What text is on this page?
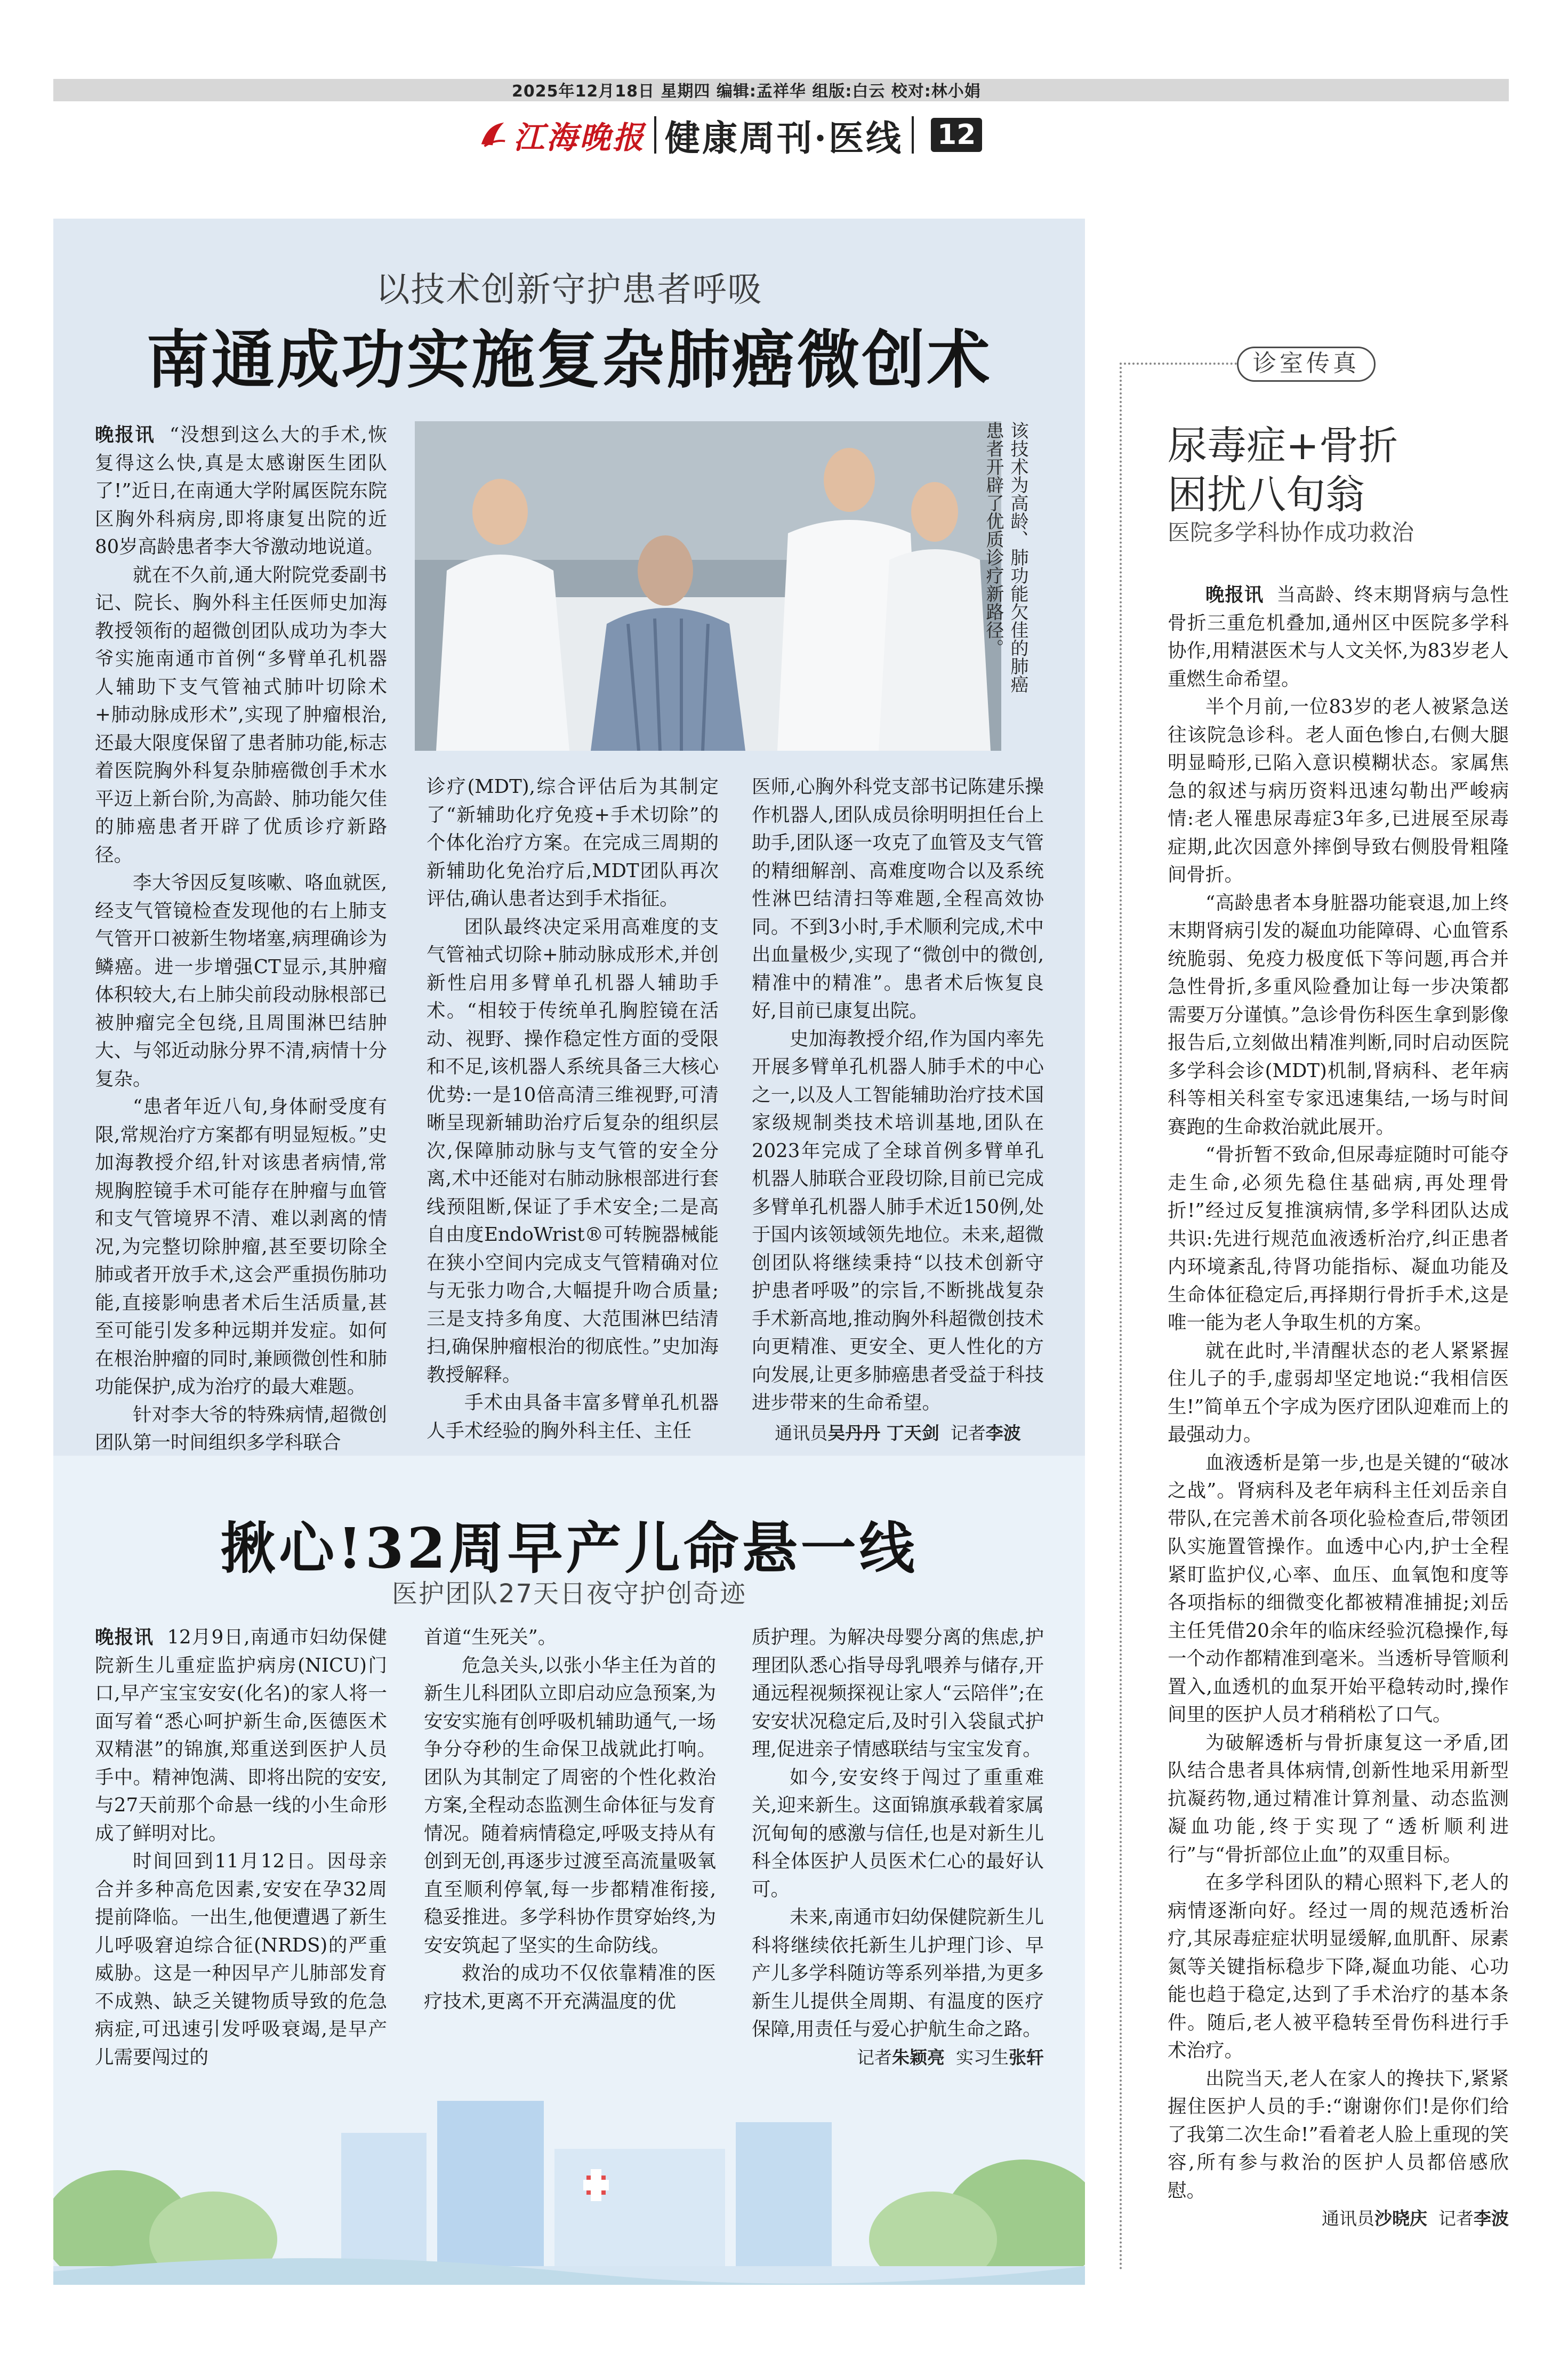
2025年12月18日 星期四 编辑:孟祥华 组版:白云 校对:林小娟
江海晚报 健康周刊·医线 12
以技术创新守护患者呼吸
南通成功实施复杂肺癌微创术
该技术为高龄、肺功能欠佳的肺癌患者开辟了优质诊疗新路径。

晚报讯 “没想到这么大的手术,恢复得这么快,真是太感谢医生团队了!”近日,在南通大学附属医院东院区胸外科病房,即将康复出院的近80岁高龄患者李大爷激动地说道。

就在不久前,通大附院党委副书记、院长、胸外科主任医师史加海教授领衔的超微创团队成功为李大爷实施南通市首例“多臂单孔机器人辅助下支气管袖式肺叶切除术+肺动脉成形术”,实现了肿瘤根治,还最大限度保留了患者肺功能,标志着医院胸外科复杂肺癌微创手术水平迈上新台阶,为高龄、肺功能欠佳的肺癌患者开辟了优质诊疗新路径。

李大爷因反复咳嗽、咯血就医,经支气管镜检查发现他的右上肺支气管开口被新生物堵塞,病理确诊为鳞癌。进一步增强CT显示,其肿瘤体积较大,右上肺尖前段动脉根部已被肿瘤完全包绕,且周围淋巴结肿大、与邻近动脉分界不清,病情十分复杂。

“患者年近八旬,身体耐受度有限,常规治疗方案都有明显短板。”史加海教授介绍,针对该患者病情,常规胸腔镜手术可能存在肿瘤与血管和支气管境界不清、难以剥离的情况,为完整切除肿瘤,甚至要切除全肺或者开放手术,这会严重损伤肺功能,直接影响患者术后生活质量,甚至可能引发多种远期并发症。如何在根治肿瘤的同时,兼顾微创性和肺功能保护,成为治疗的最大难题。

针对李大爷的特殊病情,超微创团队第一时间组织多学科联合

诊疗(MDT),综合评估后为其制定了“新辅助化疗免疫+手术切除”的个体化治疗方案。在完成三周期的新辅助化免治疗后,MDT团队再次评估,确认患者达到手术指征。

团队最终决定采用高难度的支气管袖式切除+肺动脉成形术,并创新性启用多臂单孔机器人辅助手术。“相较于传统单孔胸腔镜在活动、视野、操作稳定性方面的受限和不足,该机器人系统具备三大核心优势:一是10倍高清三维视野,可清晰呈现新辅助治疗后复杂的组织层次,保障肺动脉与支气管的安全分离,术中还能对右肺动脉根部进行套线预阻断,保证了手术安全;二是高自由度EndoWrist®可转腕器械能在狭小空间内完成支气管精确对位与无张力吻合,大幅提升吻合质量;三是支持多角度、大范围淋巴结清扫,确保肿瘤根治的彻底性。”史加海教授解释。

手术由具备丰富多臂单孔机器人手术经验的胸外科主任、主任

医师,心胸外科党支部书记陈建乐操作机器人,团队成员徐明明担任台上助手,团队逐一攻克了血管及支气管的精细解剖、高难度吻合以及系统性淋巴结清扫等难题,全程高效协同。不到3小时,手术顺利完成,术中出血量极少,实现了“微创中的微创,精准中的精准”。患者术后恢复良好,目前已康复出院。

史加海教授介绍,作为国内率先开展多臂单孔机器人肺手术的中心之一,以及人工智能辅助治疗技术国家级规制类技术培训基地,团队在2023年完成了全球首例多臂单孔机器人肺联合亚段切除,目前已完成多臂单孔机器人肺手术近150例,处于国内该领域领先地位。未来,超微创团队将继续秉持“以技术创新守护患者呼吸”的宗旨,不断挑战复杂手术新高地,推动胸外科超微创技术向更精准、更安全、更人性化的方向发展,让更多肺癌患者受益于科技进步带来的生命希望。

通讯员吴丹丹 丁天剑 记者李波
揪心!32周早产儿命悬一线
医护团队27天日夜守护创奇迹

晚报讯 12月9日,南通市妇幼保健院新生儿重症监护病房(NICU)门口,早产宝宝安安(化名)的家人将一面写着“悉心呵护新生命,医德医术双精湛”的锦旗,郑重送到医护人员手中。精神饱满、即将出院的安安,与27天前那个命悬一线的小生命形成了鲜明对比。

时间回到11月12日。因母亲合并多种高危因素,安安在孕32周提前降临。一出生,他便遭遇了新生儿呼吸窘迫综合征(NRDS)的严重威胁。这是一种因早产儿肺部发育不成熟、缺乏关键物质导致的危急病症,可迅速引发呼吸衰竭,是早产儿需要闯过的

首道“生死关”。

危急关头,以张小华主任为首的新生儿科团队立即启动应急预案,为安安实施有创呼吸机辅助通气,一场争分夺秒的生命保卫战就此打响。团队为其制定了周密的个性化救治方案,全程动态监测生命体征与发育情况。随着病情稳定,呼吸支持从有创到无创,再逐步过渡至高流量吸氧直至顺利停氧,每一步都精准衔接,稳妥推进。多学科协作贯穿始终,为安安筑起了坚实的生命防线。

救治的成功不仅依靠精准的医疗技术,更离不开充满温度的优

质护理。为解决母婴分离的焦虑,护理团队悉心指导母乳喂养与储存,开通远程视频探视让家人“云陪伴”;在安安状况稳定后,及时引入袋鼠式护理,促进亲子情感联结与宝宝发育。

如今,安安终于闯过了重重难关,迎来新生。这面锦旗承载着家属沉甸甸的感激与信任,也是对新生儿科全体医护人员医术仁心的最好认可。

未来,南通市妇幼保健院新生儿科将继续依托新生儿护理门诊、早产儿多学科随访等系列举措,为更多新生儿提供全周期、有温度的医疗保障,用责任与爱心护航生命之路。

记者朱颖亮 实习生张轩
诊室传真
尿毒症+骨折
困扰八旬翁
医院多学科协作成功救治

晚报讯 当高龄、终末期肾病与急性骨折三重危机叠加,通州区中医院多学科协作,用精湛医术与人文关怀,为83岁老人重燃生命希望。

半个月前,一位83岁的老人被紧急送往该院急诊科。老人面色惨白,右侧大腿明显畸形,已陷入意识模糊状态。家属焦急的叙述与病历资料迅速勾勒出严峻病情:老人罹患尿毒症3年多,已进展至尿毒症期,此次因意外摔倒导致右侧股骨粗隆间骨折。

“高龄患者本身脏器功能衰退,加上终末期肾病引发的凝血功能障碍、心血管系统脆弱、免疫力极度低下等问题,再合并急性骨折,多重风险叠加让每一步决策都需要万分谨慎。”急诊骨伤科医生拿到影像报告后,立刻做出精准判断,同时启动医院多学科会诊(MDT)机制,肾病科、老年病科等相关科室专家迅速集结,一场与时间赛跑的生命救治就此展开。

“骨折暂不致命,但尿毒症随时可能夺走生命,必须先稳住基础病,再处理骨折!”经过反复推演病情,多学科团队达成共识:先进行规范血液透析治疗,纠正患者内环境紊乱,待肾功能指标、凝血功能及生命体征稳定后,再择期行骨折手术,这是唯一能为老人争取生机的方案。

就在此时,半清醒状态的老人紧紧握住儿子的手,虚弱却坚定地说:“我相信医生!”简单五个字成为医疗团队迎难而上的最强动力。

血液透析是第一步,也是关键的“破冰之战”。肾病科及老年病科主任刘岳亲自带队,在完善术前各项化验检查后,带领团队实施置管操作。血透中心内,护士全程紧盯监护仪,心率、血压、血氧饱和度等各项指标的细微变化都被精准捕捉;刘岳主任凭借20余年的临床经验沉稳操作,每一个动作都精准到毫米。当透析导管顺利置入,血透机的血泵开始平稳转动时,操作间里的医护人员才稍稍松了口气。

为破解透析与骨折康复这一矛盾,团队结合患者具体病情,创新性地采用新型抗凝药物,通过精准计算剂量、动态监测凝血功能,终于实现了“透析顺利进行”与“骨折部位止血”的双重目标。

在多学科团队的精心照料下,老人的病情逐渐向好。经过一周的规范透析治疗,其尿毒症症状明显缓解,血肌酐、尿素氮等关键指标稳步下降,凝血功能、心功能也趋于稳定,达到了手术治疗的基本条件。随后,老人被平稳转至骨伤科进行手术治疗。

出院当天,老人在家人的搀扶下,紧紧握住医护人员的手:“谢谢你们!是你们给了我第二次生命!”看着老人脸上重现的笑容,所有参与救治的医护人员都倍感欣慰。

通讯员沙晓庆 记者李波
